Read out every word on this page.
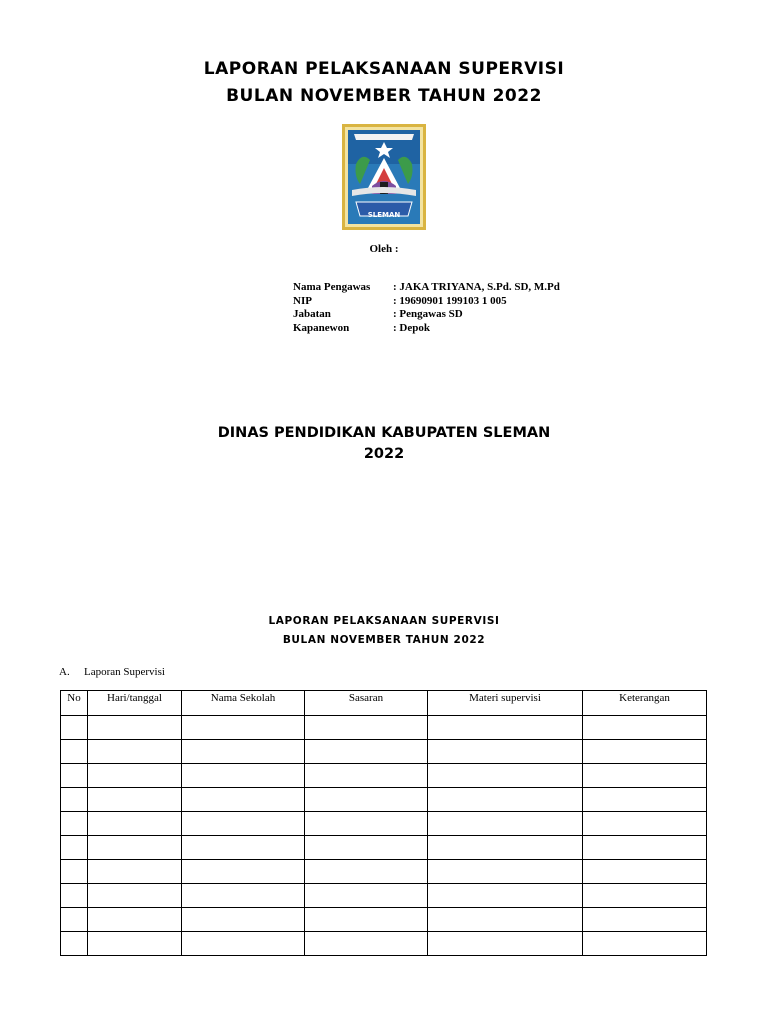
LAPORAN PELAKSANAAN SUPERVISI
BULAN NOVEMBER TAHUN 2022
SLEMAN
Oleh :
Nama Pengawas	: JAKA TRIYANA, S.Pd. SD, M.Pd
NIP	: 19690901 199103 1 005
Jabatan	: Pengawas SD
Kapanewon	: Depok
DINAS PENDIDIKAN KABUPATEN SLEMAN
2022
LAPORAN PELAKSANAAN SUPERVISI
BULAN NOVEMBER TAHUN 2022
A.	Laporan Supervisi
No	Hari/tanggal	Nama Sekolah	Sasaran	Materi supervisi	Keterangan
